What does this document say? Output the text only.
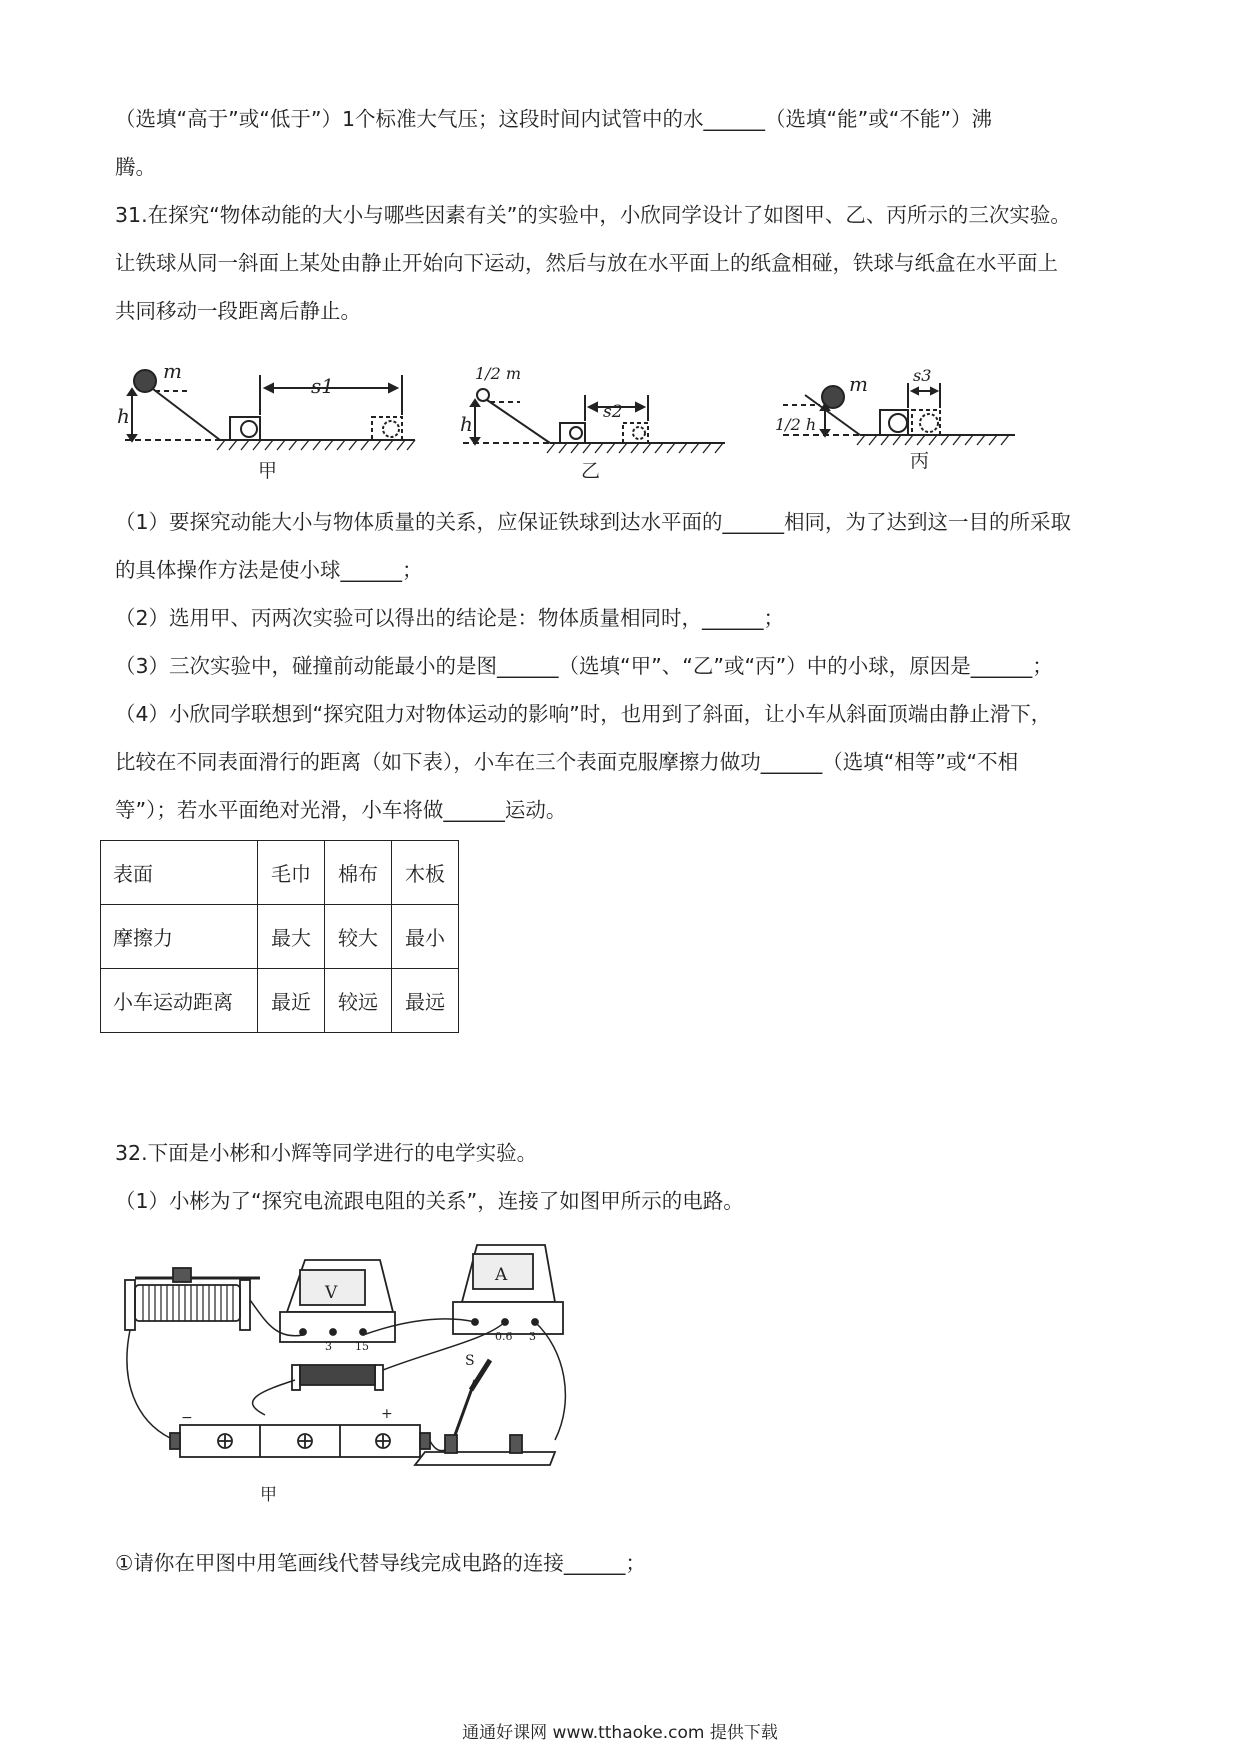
（选填“高于”或“低于”）1个标准大气压；这段时间内试管中的水______（选填“能”或“不能”）沸
腾。
31.在探究“物体动能的大小与哪些因素有关”的实验中，小欣同学设计了如图甲、乙、丙所示的三次实验。
让铁球从同一斜面上某处由静止开始向下运动，然后与放在水平面上的纸盒相碰，铁球与纸盒在水平面上
共同移动一段距离后静止。
m
h
s1
1/2 m
h	s2
m
1/2 h
s3
甲	乙	丙
（1）要探究动能大小与物体质量的关系，应保证铁球到达水平面的______相同，为了达到这一目的所采取
的具体操作方法是使小球______；
（2）选用甲、丙两次实验可以得出的结论是：物体质量相同时，______；
（3）三次实验中，碰撞前动能最小的是图______（选填“甲”、“乙”或“丙”）中的小球，原因是______；
（4）小欣同学联想到“探究阻力对物体运动的影响”时，也用到了斜面，让小车从斜面顶端由静止滑下，
比较在不同表面滑行的距离（如下表），小车在三个表面克服摩擦力做功______（选填“相等”或“不相
等”）；若水平面绝对光滑，小车将做______运动。
表面	毛巾	棉布	木板
摩擦力	最大	较大	最小
小车运动距离	最近	较远	最远
32.下面是小彬和小辉等同学进行的电学实验。
（1）小彬为了“探究电流跟电阻的关系”，连接了如图甲所示的电路。
V
3 15
A
0.6 3
S
−	+
甲
①请你在甲图中用笔画线代替导线完成电路的连接______；
通通好课网 www.tthaoke.com 提供下载
